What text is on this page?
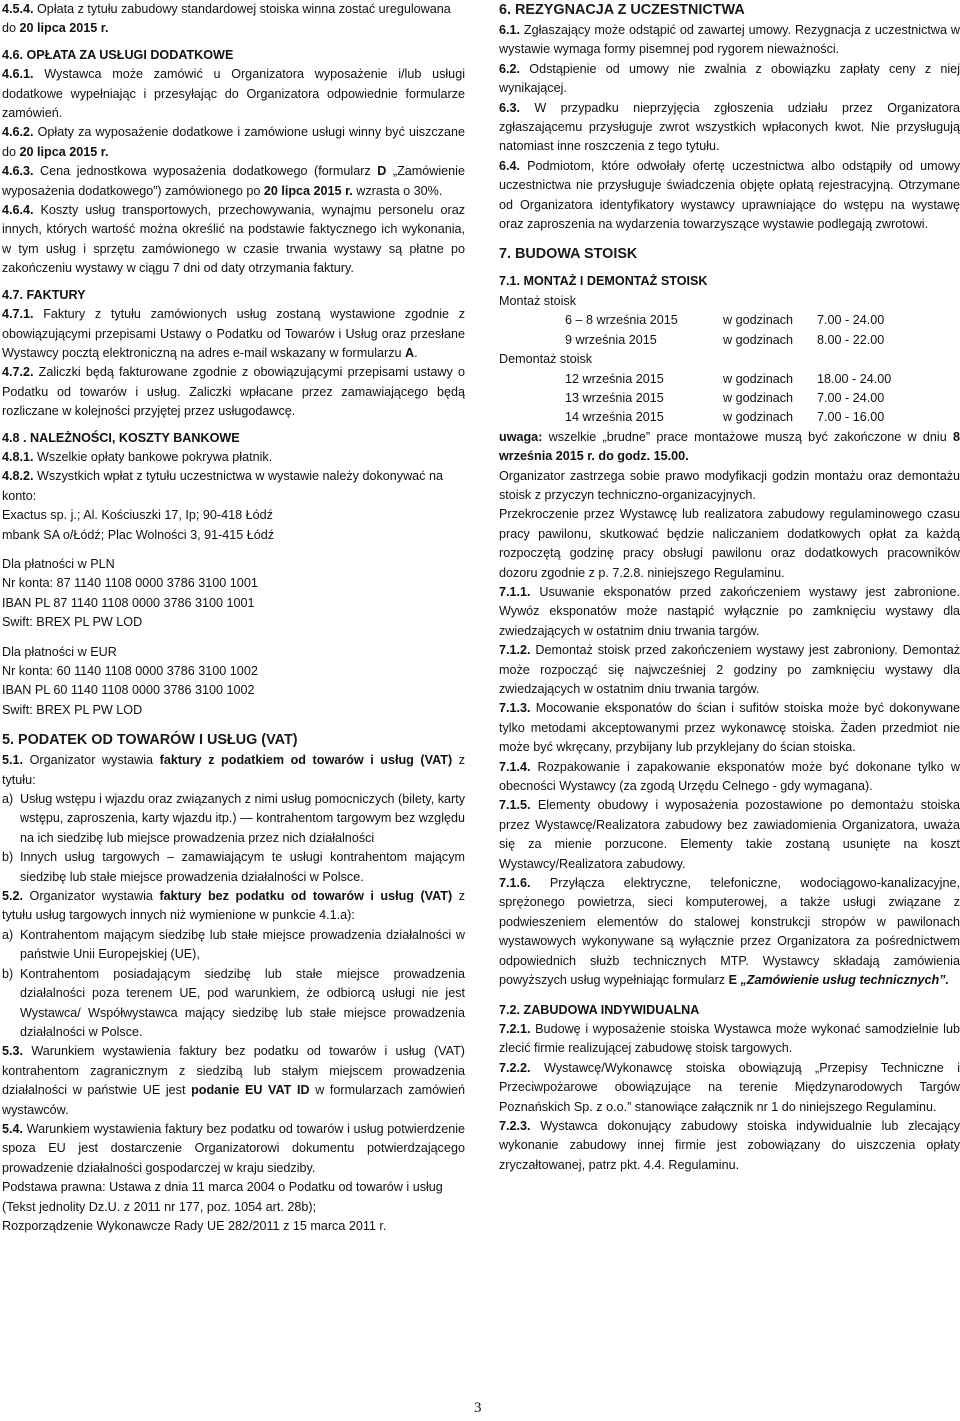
4.5.4. Opłata z tytułu zabudowy standardowej stoiska winna zostać uregulowana do 20 lipca 2015 r.

4.6. OPŁATA ZA USŁUGI DODATKOWE

4.6.1. Wystawca może zamówić u Organizatora wyposażenie i/lub usługi dodatkowe wypełniając i przesyłając do Organizatora odpowiednie formularze zamówień.

4.6.2. Opłaty za wyposażenie dodatkowe i zamówione usługi winny być uiszczane do 20 lipca 2015 r.

4.6.3. Cena jednostkowa wyposażenia dodatkowego (formularz D „Zamówienie wyposażenia dodatkowego”) zamówionego po 20 lipca 2015 r. wzrasta o 30%.

4.6.4. Koszty usług transportowych, przechowywania, wynajmu personelu oraz innych, których wartość można określić na podstawie faktycznego ich wykonania, w tym usług i sprzętu zamówionego w czasie trwania wystawy są płatne po zakończeniu wystawy w ciągu 7 dni od daty otrzymania faktury.

4.7. FAKTURY

4.7.1. Faktury z tytułu zamówionych usług zostaną wystawione zgodnie z obowiązującymi przepisami Ustawy o Podatku od Towarów i Usług oraz przesłane Wystawcy pocztą elektroniczną na adres e-mail wskazany w formularzu A.

4.7.2. Zaliczki będą fakturowane zgodnie z obowiązującymi przepisami ustawy o Podatku od towarów i usług. Zaliczki wpłacane przez zamawiającego będą rozliczane w kolejności przyjętej przez usługodawcę.

4.8 . NALEŻNOŚCI, KOSZTY BANKOWE

4.8.1. Wszelkie opłaty bankowe pokrywa płatnik.

4.8.2. Wszystkich wpłat z tytułu uczestnictwa w wystawie należy dokonywać na konto:

Exactus sp. j.; Al. Kościuszki 17, Ip; 90-418 Łódź

mbank SA o/Łódź; Plac Wolności 3, 91-415 Łódź

Dla płatności w PLN

Nr konta: 87 1140 1108 0000 3786 3100 1001

IBAN PL 87 1140 1108 0000 3786 3100 1001

Swift: BREX PL PW LOD

Dla płatności w EUR

Nr konta: 60 1140 1108 0000 3786 3100 1002

IBAN PL 60 1140 1108 0000 3786 3100 1002

Swift: BREX PL PW LOD

5. PODATEK OD TOWARÓW I USŁUG (VAT)

5.1. Organizator wystawia faktury z podatkiem od towarów i usług (VAT) z tytułu:

a) Usług wstępu i wjazdu oraz związanych z nimi usług pomocniczych (bilety, karty wstępu, zaproszenia, karty wjazdu itp.) — kontrahentom targowym bez względu na ich siedzibę lub miejsce prowadzenia przez nich działalności
b) Innych usług targowych – zamawiającym te usługi kontrahentom mającym siedzibę lub stałe miejsce prowadzenia działalności w Polsce.

5.2. Organizator wystawia faktury bez podatku od towarów i usług (VAT) z tytułu usług targowych innych niż wymienione w punkcie 4.1.a):

a) Kontrahentom mającym siedzibę lub stałe miejsce prowadzenia działalności w państwie Unii Europejskiej (UE),
b) Kontrahentom posiadającym siedzibę lub stałe miejsce prowadzenia działalności poza terenem UE, pod warunkiem, że odbiorcą usługi nie jest Wystawca/ Współwystawca mający siedzibę lub stałe miejsce prowadzenia działalności w Polsce.

5.3. Warunkiem wystawienia faktury bez podatku od towarów i usług (VAT) kontrahentom zagranicznym z siedzibą lub stałym miejscem prowadzenia działalności w państwie UE jest podanie EU VAT ID w formularzach zamówień wystawców.

5.4. Warunkiem wystawienia faktury bez podatku od towarów i usług potwierdzenie spoza EU jest dostarczenie Organizatorowi dokumentu potwierdzającego prowadzenie działalności gospodarczej w kraju siedziby.

Podstawa prawna: Ustawa z dnia 11 marca 2004 o Podatku od towarów i usług (Tekst jednolity Dz.U. z 2011 nr 177, poz. 1054 art. 28b);

Rozporządzenie Wykonawcze Rady UE 282/2011 z 15 marca 2011 r.

6. REZYGNACJA Z UCZESTNICTWA

6.1. Zgłaszający może odstąpić od zawartej umowy. Rezygnacja z uczestnictwa w wystawie wymaga formy pisemnej pod rygorem nieważności.

6.2. Odstąpienie od umowy nie zwalnia z obowiązku zapłaty ceny z niej wynikającej.

6.3. W przypadku nieprzyjęcia zgłoszenia udziału przez Organizatora zgłaszającemu przysługuje zwrot wszystkich wpłaconych kwot. Nie przysługują natomiast inne roszczenia z tego tytułu.

6.4. Podmiotom, które odwołały ofertę uczestnictwa albo odstąpiły od umowy uczestnictwa nie przysługuje świadczenia objęte opłatą rejestracyjną. Otrzymane od Organizatora identyfikatory wystawcy uprawniające do wstępu na wystawę oraz zaproszenia na wydarzenia towarzyszące wystawie podlegają zwrotowi.

7. BUDOWA STOISK

7.1. MONTAŻ I DEMONTAŻ STOISK

Montaż stoisk

6 – 8 września 2015	w godzinach	7.00 - 24.00
9 września 2015	w godzinach	8.00 - 22.00

Demontaż stoisk

12 września 2015	w godzinach	18.00 - 24.00
13 września 2015	w godzinach	7.00 - 24.00
14 września 2015	w godzinach	7.00 - 16.00

uwaga: wszelkie „brudne” prace montażowe muszą być zakończone w dniu 8 września 2015 r. do godz. 15.00.

Organizator zastrzega sobie prawo modyfikacji godzin montażu oraz demontażu stoisk z przyczyn techniczno-organizacyjnych.

Przekroczenie przez Wystawcę lub realizatora zabudowy regulaminowego czasu pracy pawilonu, skutkować będzie naliczaniem dodatkowych opłat za każdą rozpoczętą godzinę pracy obsługi pawilonu oraz dodatkowych pracowników dozoru zgodnie z p. 7.2.8. niniejszego Regulaminu.

7.1.1. Usuwanie eksponatów przed zakończeniem wystawy jest zabronione. Wywóz eksponatów może nastąpić wyłącznie po zamknięciu wystawy dla zwiedzających w ostatnim dniu trwania targów.

7.1.2. Demontaż stoisk przed zakończeniem wystawy jest zabroniony. Demontaż może rozpocząć się najwcześniej 2 godziny po zamknięciu wystawy dla zwiedzających w ostatnim dniu trwania targów.

7.1.3. Mocowanie eksponatów do ścian i sufitów stoiska może być dokonywane tylko metodami akceptowanymi przez wykonawcę stoiska. Żaden przedmiot nie może być wkręcany, przybijany lub przyklejany do ścian stoiska.

7.1.4. Rozpakowanie i zapakowanie eksponatów może być dokonane tylko w obecności Wystawcy (za zgodą Urzędu Celnego - gdy wymagana).

7.1.5. Elementy obudowy i wyposażenia pozostawione po demontażu stoiska przez Wystawcę/Realizatora zabudowy bez zawiadomienia Organizatora, uważa się za mienie porzucone. Elementy takie zostaną usunięte na koszt Wystawcy/Realizatora zabudowy.

7.1.6. Przyłącza elektryczne, telefoniczne, wodociągowo-kanalizacyjne, sprężonego powietrza, sieci komputerowej, a także usługi związane z podwieszeniem elementów do stalowej konstrukcji stropów w pawilonach wystawowych wykonywane są wyłącznie przez Organizatora za pośrednictwem odpowiednich służb technicznych MTP. Wystawcy składają zamówienia powyższych usług wypełniając formularz E „Zamówienie usług technicznych”.

7.2. ZABUDOWA INDYWIDUALNA

7.2.1. Budowę i wyposażenie stoiska Wystawca może wykonać samodzielnie lub zlecić firmie realizującej zabudowę stoisk targowych.

7.2.2. Wystawcę/Wykonawcę stoiska obowiązują „Przepisy Techniczne i Przeciwpożarowe obowiązujące na terenie Międzynarodowych Targów Poznańskich Sp. z o.o.” stanowiące załącznik nr 1 do niniejszego Regulaminu.

7.2.3. Wystawca dokonujący zabudowy stoiska indywidualnie lub zlecający wykonanie zabudowy innej firmie jest zobowiązany do uiszczenia opłaty zryczałtowanej, patrz pkt. 4.4. Regulaminu.

3
